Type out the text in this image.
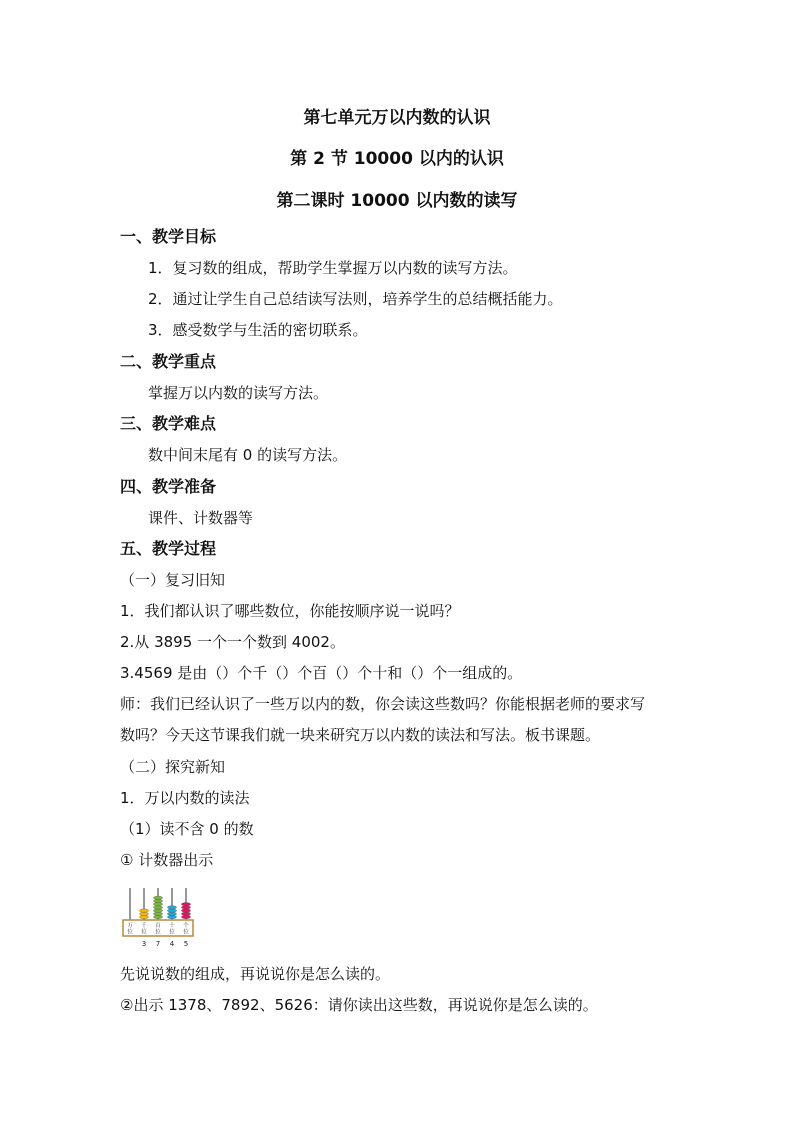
第七单元万以内数的认识
第 2 节 10000 以内的认识
第二课时 10000 以内数的读写
一、教学目标
1．复习数的组成，帮助学生掌握万以内数的读写方法。
2．通过让学生自己总结读写法则，培养学生的总结概括能力。
3．感受数学与生活的密切联系。
二、教学重点
掌握万以内数的读写方法。
三、教学难点
数中间末尾有 0 的读写方法。
四、教学准备
课件、计数器等
五、教学过程
（一）复习旧知
1．我们都认识了哪些数位，你能按顺序说一说吗？
2.从 3895 一个一个数到 4002。
3.4569 是由（）个千（）个百（）个十和（）个一组成的。
师：我们已经认识了一些万以内的数，你会读这些数吗？你能根据老师的要求写
数吗？今天这节课我们就一块来研究万以内数的读法和写法。板书课题。
（二）探究新知
1．万以内数的读法
（1）读不含 0 的数
① 计数器出示
万
位
千
位
百
位
十
位
个
位
3 7 4 5
先说说数的组成，再说说你是怎么读的。
②出示 1378、7892、5626：请你读出这些数，再说说你是怎么读的。
